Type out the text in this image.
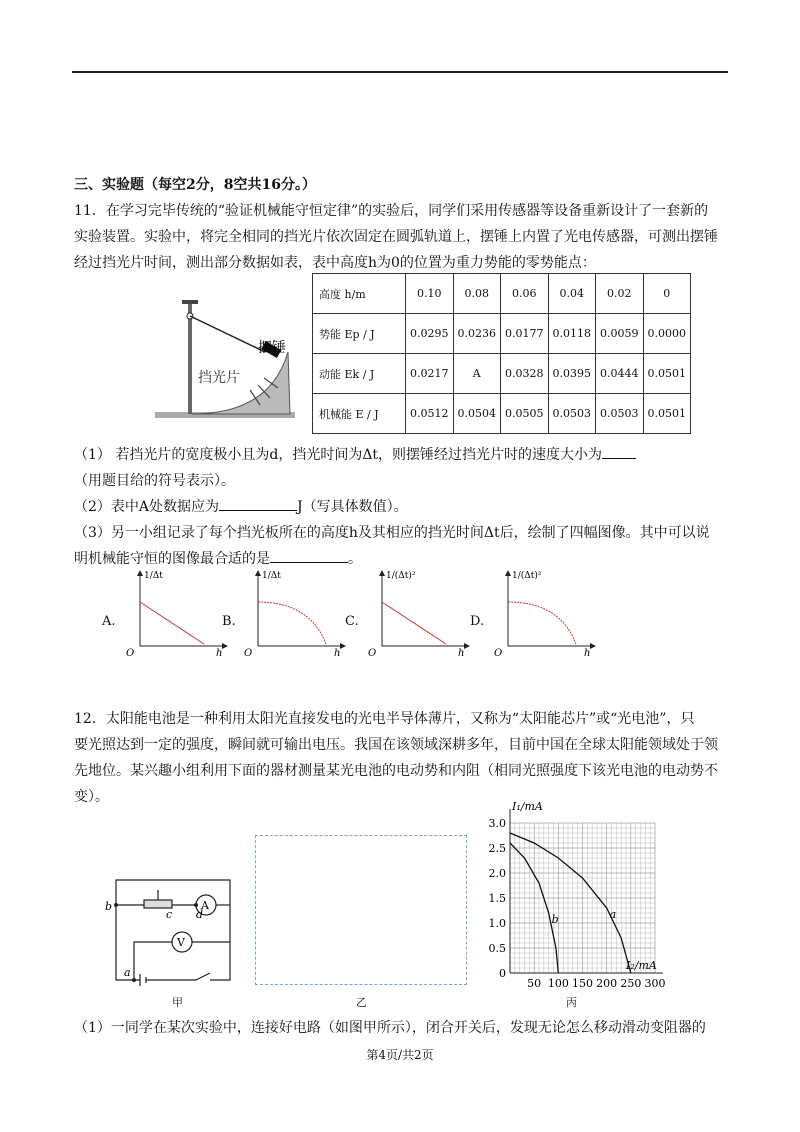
三、实验题（每空2分，8空共16分。）
11．在学习完毕传统的“验证机械能守恒定律”的实验后，同学们采用传感器等设备重新设计了一套新的
实验装置。实验中，将完全相同的挡光片依次固定在圆弧轨道上，摆锤上内置了光电传感器，可测出摆锤
经过挡光片时间，测出部分数据如表，表中高度h为0的位置为重力势能的零势能点：
摆锤
挡光片
高度 h/m	0.10	0.08	0.06	0.04	0.02	0
势能 Ep / J	0.0295	0.0236	0.0177	0.0118	0.0059	0.0000
动能 Ek / J	0.0217	A	0.0328	0.0395	0.0444	0.0501
机械能 E / J	0.0512	0.0504	0.0505	0.0503	0.0503	0.0501
（1） 若挡光片的宽度极小且为d，挡光时间为Δt，则摆锤经过挡光片时的速度大小为
（用题目给的符号表示）。
（2）表中A处数据应为	J（写具体数值）。
（3）另一小组记录了每个挡光板所在的高度h及其相应的挡光时间Δt后，绘制了四幅图像。其中可以说
明机械能守恒的图像最合适的是	。
A.
1/Δt
O	h
B.
1/Δt
O	h
C.
1/(Δt)²
O	h
D.
1/(Δt)²
O	h
12．太阳能电池是一种利用太阳光直接发电的光电半导体薄片，又称为“太阳能芯片”或“光电池”，只
要光照达到一定的强度，瞬间就可输出电压。我国在该领域深耕多年，目前中国在全球太阳能领域处于领
先地位。某兴趣小组利用下面的器材测量某光电池的电动势和内阻（相同光照强度下该光电池的电动势不
变）。
A
V
b
c d
a
甲	乙
0
0.5
1.0
1.5
2.0
2.5
3.0
50 100 150 200 250 300
I₁/mA
I₂/mA
a
b
丙
（1）一同学在某次实验中，连接好电路（如图甲所示），闭合开关后，发现无论怎么移动滑动变阻器的
第4页/共2页
